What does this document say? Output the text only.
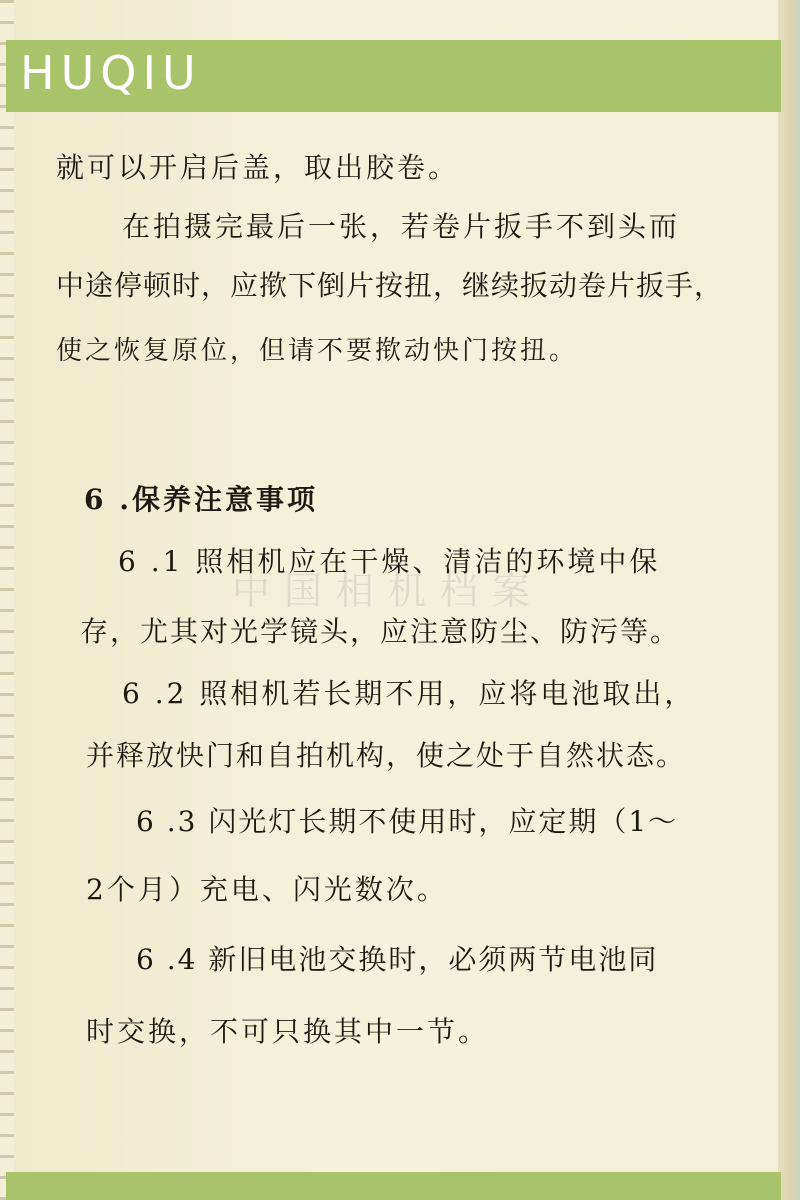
HUQIU
中国相机档案
就可以开启后盖，取出胶卷。
在拍摄完最后一张，若卷片扳手不到头而
中途停顿时，应揿下倒片按扭，继续扳动卷片扳手，
使之恢复原位，但请不要揿动快门按扭。
6 .保养注意事项
6 .1 照相机应在干燥、清洁的环境中保
存，尤其对光学镜头，应注意防尘、防污等。
6 .2 照相机若长期不用，应将电池取出，
并释放快门和自拍机构，使之处于自然状态。
6 .3 闪光灯长期不使用时，应定期（1～
2个月）充电、闪光数次。
6 .4 新旧电池交换时，必须两节电池同
时交换，不可只换其中一节。
